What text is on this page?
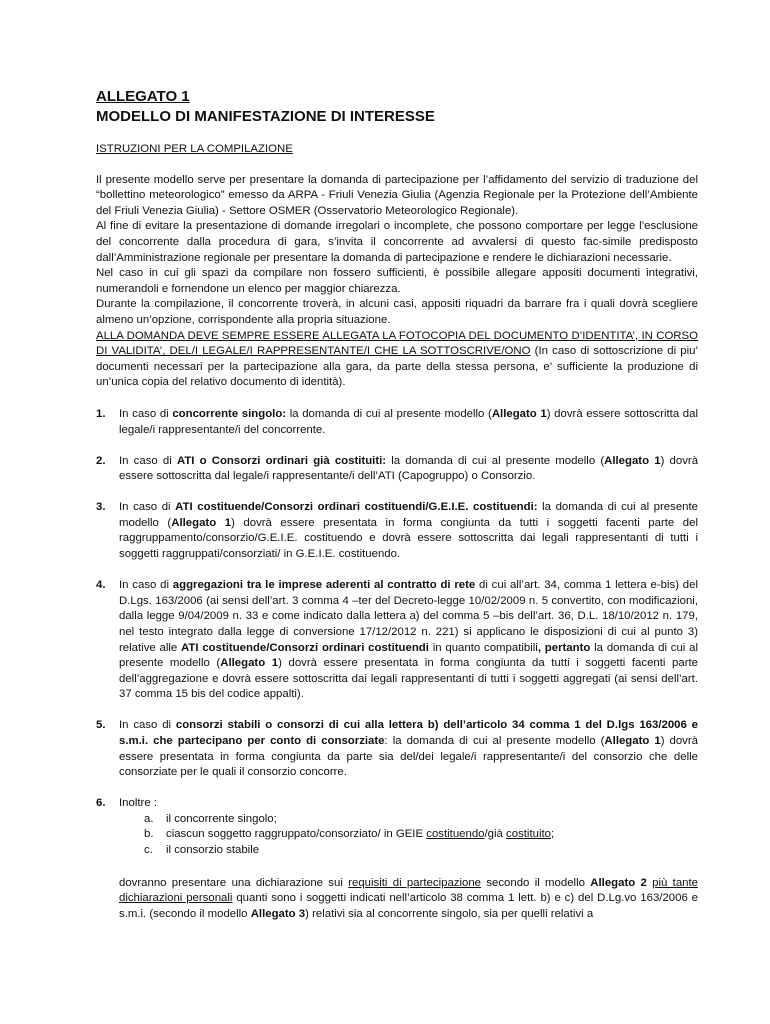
ALLEGATO 1
MODELLO DI MANIFESTAZIONE DI INTERESSE
ISTRUZIONI PER LA COMPILAZIONE

Il presente modello serve per presentare la domanda di partecipazione per l’affidamento del servizio di traduzione del “bollettino meteorologico” emesso da ARPA - Friuli Venezia Giulia (Agenzia Regionale per la Protezione dell’Ambiente del Friuli Venezia Giulia) - Settore OSMER (Osservatorio Meteorologico Regionale).

Al fine di evitare la presentazione di domande irregolari o incomplete, che possono comportare per legge l’esclusione del concorrente dalla procedura di gara, s’invita il concorrente ad avvalersi di questo fac-simile predisposto dall’Amministrazione regionale per presentare la domanda di partecipazione e rendere le dichiarazioni necessarie.

Nel caso in cui gli spazi da compilare non fossero sufficienti, è possibile allegare appositi documenti integrativi, numerandoli e fornendone un elenco per maggior chiarezza.

Durante la compilazione, il concorrente troverà, in alcuni casi, appositi riquadri da barrare fra i quali dovrà scegliere almeno un’opzione, corrispondente alla propria situazione.

ALLA DOMANDA DEVE SEMPRE ESSERE ALLEGATA LA FOTOCOPIA DEL DOCUMENTO D’IDENTITA’, IN CORSO DI VALIDITA’, DEL/I LEGALE/I RAPPRESENTANTE/I CHE LA SOTTOSCRIVE/ONO (In caso di sottoscrizione di piu’ documenti necessari per la partecipazione alla gara, da parte della stessa persona, e’ sufficiente la produzione di un’unica copia del relativo documento di identità).

1.	In caso di concorrente singolo: la domanda di cui al presente modello (Allegato 1) dovrà essere sottoscritta dal legale/i rappresentante/i del concorrente.
2.	In caso di ATI o Consorzi ordinari già costituiti: la domanda di cui al presente modello (Allegato 1) dovrà essere sottoscritta dal legale/i rappresentante/i dell’ATI (Capogruppo) o Consorzio.
3.	In caso di ATI costituende/Consorzi ordinari costituendi/G.E.I.E. costituendi: la domanda di cui al presente modello (Allegato 1) dovrà essere presentata in forma congiunta da tutti i soggetti facenti parte del raggruppamento/consorzio/G.E.I.E. costituendo e dovrà essere sottoscritta dai legali rappresentanti di tutti i soggetti raggruppati/consorziati/ in G.E.I.E. costituendo.
4.	In caso di aggregazioni tra le imprese aderenti al contratto di rete di cui all’art. 34, comma 1 lettera e-bis) del D.Lgs. 163/2006 (ai sensi dell’art. 3 comma 4 –ter del Decreto-legge 10/02/2009 n. 5 convertito, con modificazioni, dalla legge 9/04/2009 n. 33 e come indicato dalla lettera a) del comma 5 –bis dell’art. 36, D.L. 18/10/2012 n. 179, nel testo integrato dalla legge di conversione 17/12/2012 n. 221) si applicano le disposizioni di cui al punto 3) relative alle ATI costituende/Consorzi ordinari costituendi in quanto compatibili, pertanto la domanda di cui al presente modello (Allegato 1) dovrà essere presentata in forma congiunta da tutti i soggetti facenti parte dell’aggregazione e dovrà essere sottoscritta dai legali rappresentanti di tutti i soggetti aggregati (ai sensi dell’art. 37 comma 15 bis del codice appalti).
5.	In caso di consorzi stabili o consorzi di cui alla lettera b) dell’articolo 34 comma 1 del D.lgs 163/2006 e s.m.i. che partecipano per conto di consorziate: la domanda di cui al presente modello (Allegato 1) dovrà essere presentata in forma congiunta da parte sia del/dei legale/i rappresentante/i del consorzio che delle consorziate per le quali il consorzio concorre.
6.	Inoltre :
a.	il concorrente singolo;
b.	ciascun soggetto raggruppato/consorziato/ in GEIE costituendo/già costituito;
c.	il consorzio stabile

dovranno presentare una dichiarazione sui requisiti di partecipazione secondo il modello Allegato 2 più tante dichiarazioni personali quanti sono i soggetti indicati nell’articolo 38 comma 1 lett. b) e c) del D.Lg.vo 163/2006 e s.m.i. (secondo il modello Allegato 3) relativi sia al concorrente singolo, sia per quelli relativi a
